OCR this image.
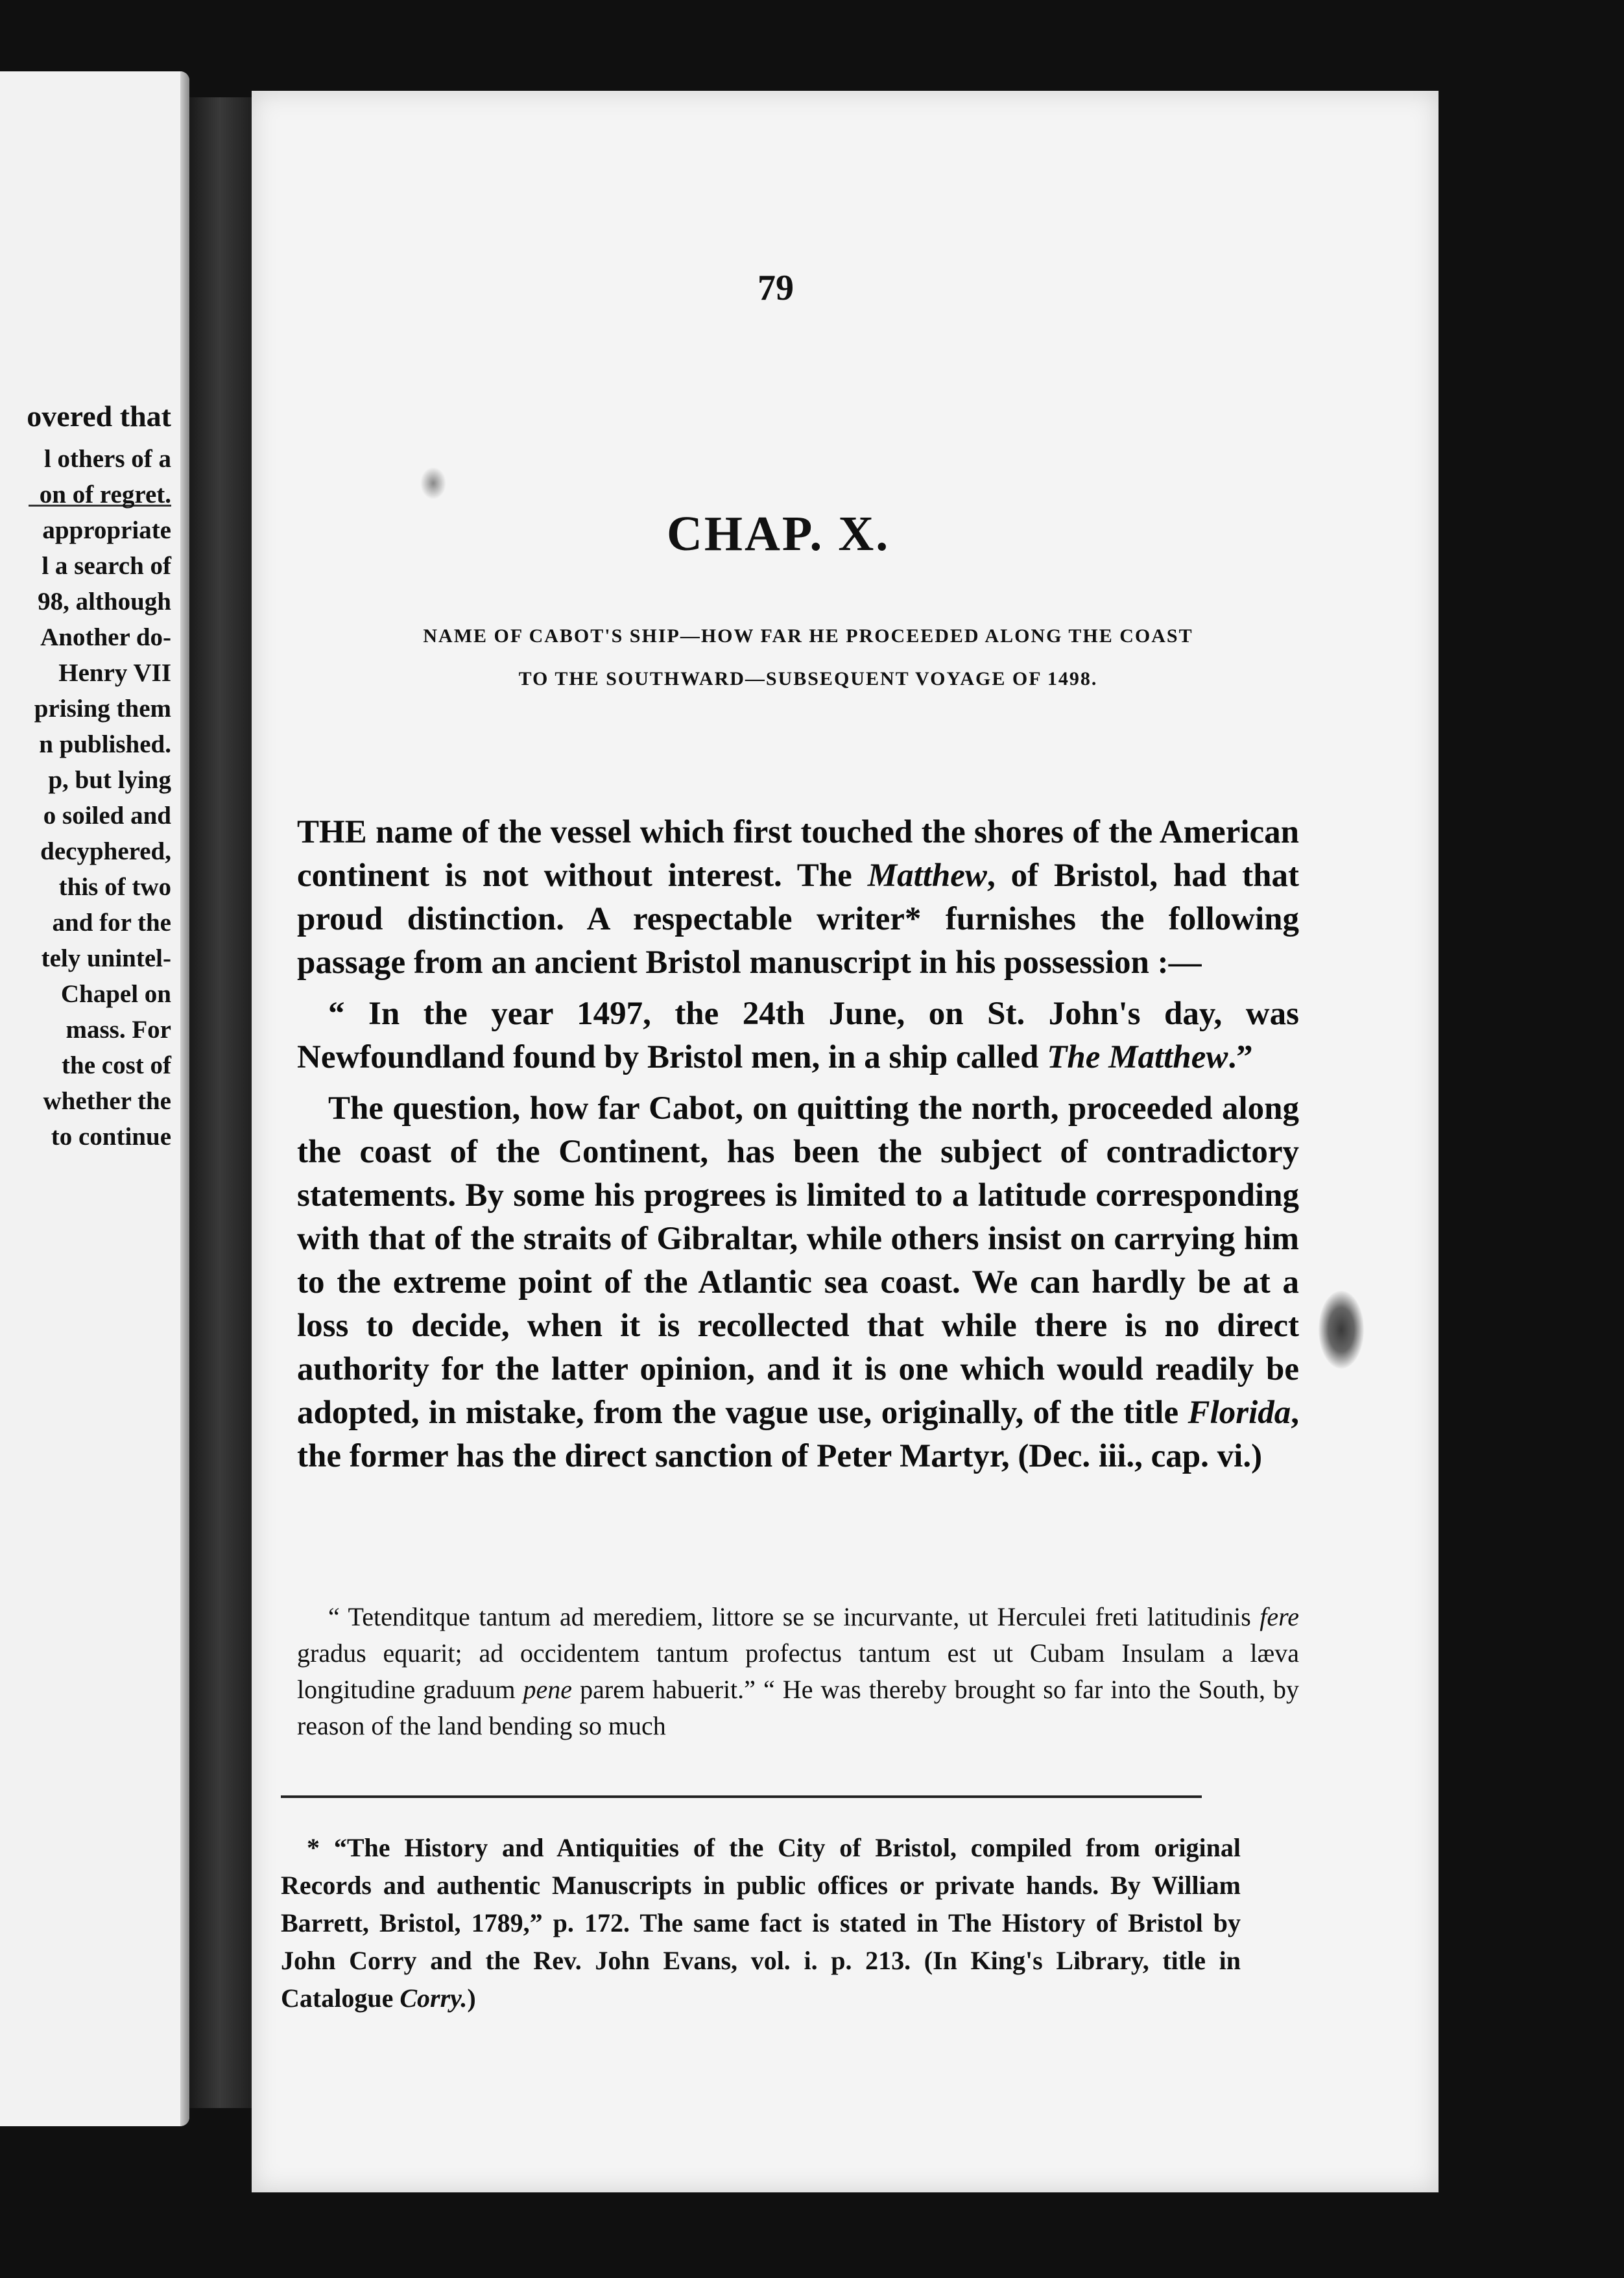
overed that
l others of a
on of regret.
appropriate
l a search of
98, although
Another do-
Henry VII
prising them
n published.
p, but lying
o soiled and
decyphered,
this of two
and for the
tely unintel-
Chapel on
mass. For
the cost of
whether the
to continue
79
CHAP. X.
NAME OF CABOT'S SHIP—HOW FAR HE PROCEEDED ALONG THE COAST
TO THE SOUTHWARD—SUBSEQUENT VOYAGE OF 1498.

THE name of the vessel which first touched the shores of the American continent is not without interest. The Matthew, of Bristol, had that proud distinction. A respectable writer* furnishes the following passage from an ancient Bristol manuscript in his possession :—

“ In the year 1497, the 24th June, on St. John's day, was Newfoundland found by Bristol men, in a ship called The Matthew.”

The question, how far Cabot, on quitting the north, proceeded along the coast of the Continent, has been the subject of contradictory statements. By some his progrees is limited to a latitude corresponding with that of the straits of Gibraltar, while others insist on carrying him to the extreme point of the Atlantic sea coast. We can hardly be at a loss to decide, when it is recollected that while there is no direct authority for the latter opinion, and it is one which would readily be adopted, in mistake, from the vague use, originally, of the title Florida, the former has the direct sanction of Peter Martyr, (Dec. iii., cap. vi.)

“ Tetenditque tantum ad merediem, littore se se incurvante, ut Herculei freti latitudinis fere gradus equarit; ad occidentem tantum profectus tantum est ut Cubam Insulam a læva longitudine graduum pene parem habuerit.” “ He was thereby brought so far into the South, by reason of the land bending so much

* “The History and Antiquities of the City of Bristol, compiled from original Records and authentic Manuscripts in public offices or private hands. By William Barrett, Bristol, 1789,” p. 172. The same fact is stated in The History of Bristol by John Corry and the Rev. John Evans, vol. i. p. 213. (In King's Library, title in Catalogue Corry.)
